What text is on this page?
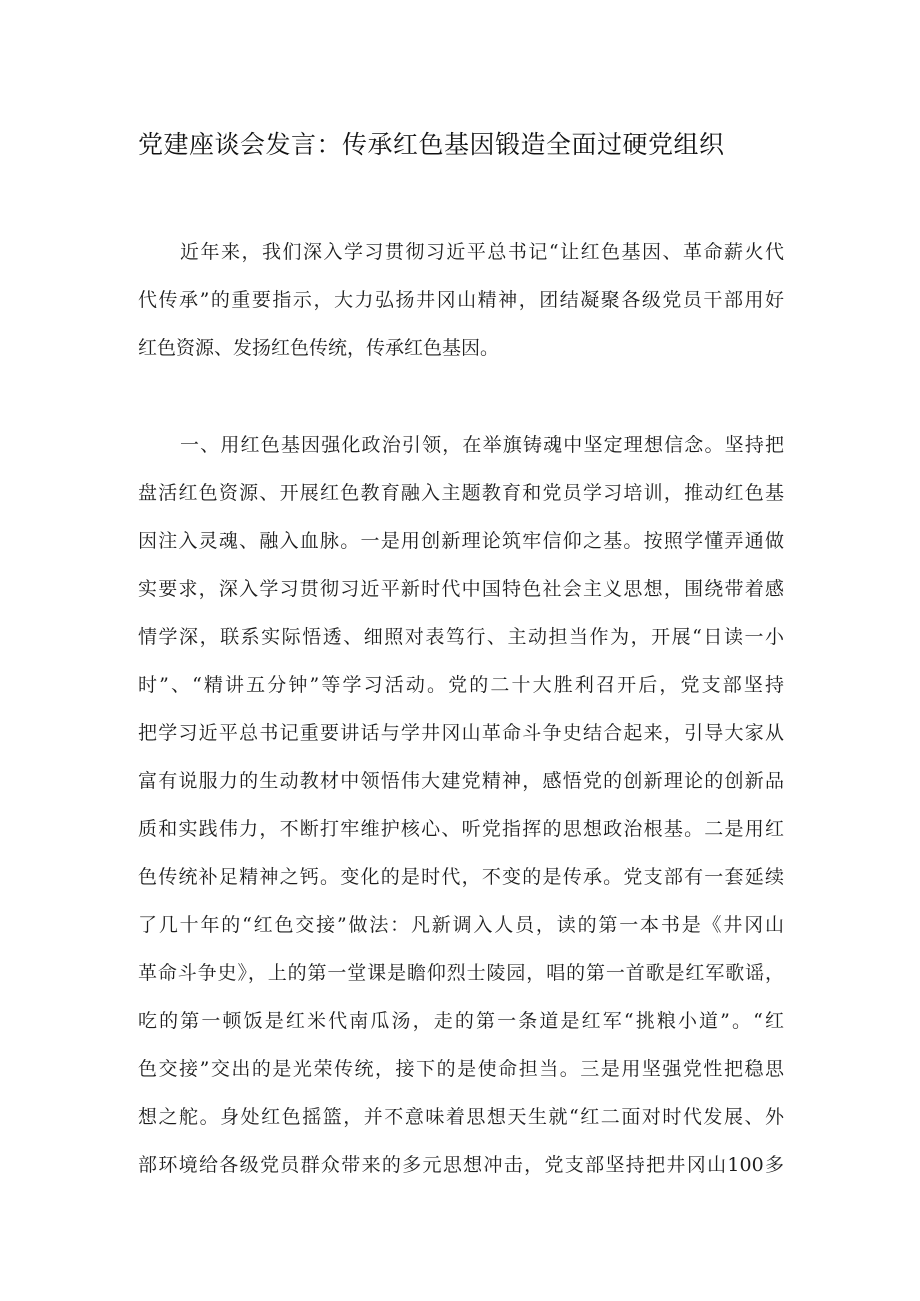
党建座谈会发言：传承红色基因锻造全面过硬党组织

近年来，我们深入学习贯彻习近平总书记“让红色基因、革命薪火代

代传承”的重要指示，大力弘扬井冈山精神，团结凝聚各级党员干部用好

红色资源、发扬红色传统，传承红色基因。

一、用红色基因强化政治引领，在举旗铸魂中坚定理想信念。坚持把

盘活红色资源、开展红色教育融入主题教育和党员学习培训，推动红色基

因注入灵魂、融入血脉。一是用创新理论筑牢信仰之基。按照学懂弄通做

实要求，深入学习贯彻习近平新时代中国特色社会主义思想，围绕带着感

情学深，联系实际悟透、细照对表笃行、主动担当作为，开展“日读一小

时”、“精讲五分钟”等学习活动。党的二十大胜利召开后，党支部坚持

把学习近平总书记重要讲话与学井冈山革命斗争史结合起来，引导大家从

富有说服力的生动教材中领悟伟大建党精神，感悟党的创新理论的创新品

质和实践伟力，不断打牢维护核心、听党指挥的思想政治根基。二是用红

色传统补足精神之钙。变化的是时代，不变的是传承。党支部有一套延续

了几十年的“红色交接”做法：凡新调入人员，读的第一本书是《井冈山

革命斗争史》，上的第一堂课是瞻仰烈士陵园，唱的第一首歌是红军歌谣，

吃的第一顿饭是红米代南瓜汤，走的第一条道是红军“挑粮小道”。“红

色交接”交出的是光荣传统，接下的是使命担当。三是用坚强党性把稳思

想之舵。身处红色摇篮，并不意味着思想天生就“红二面对时代发展、外

部环境给各级党员群众带来的多元思想冲击，党支部坚持把井冈山100多
